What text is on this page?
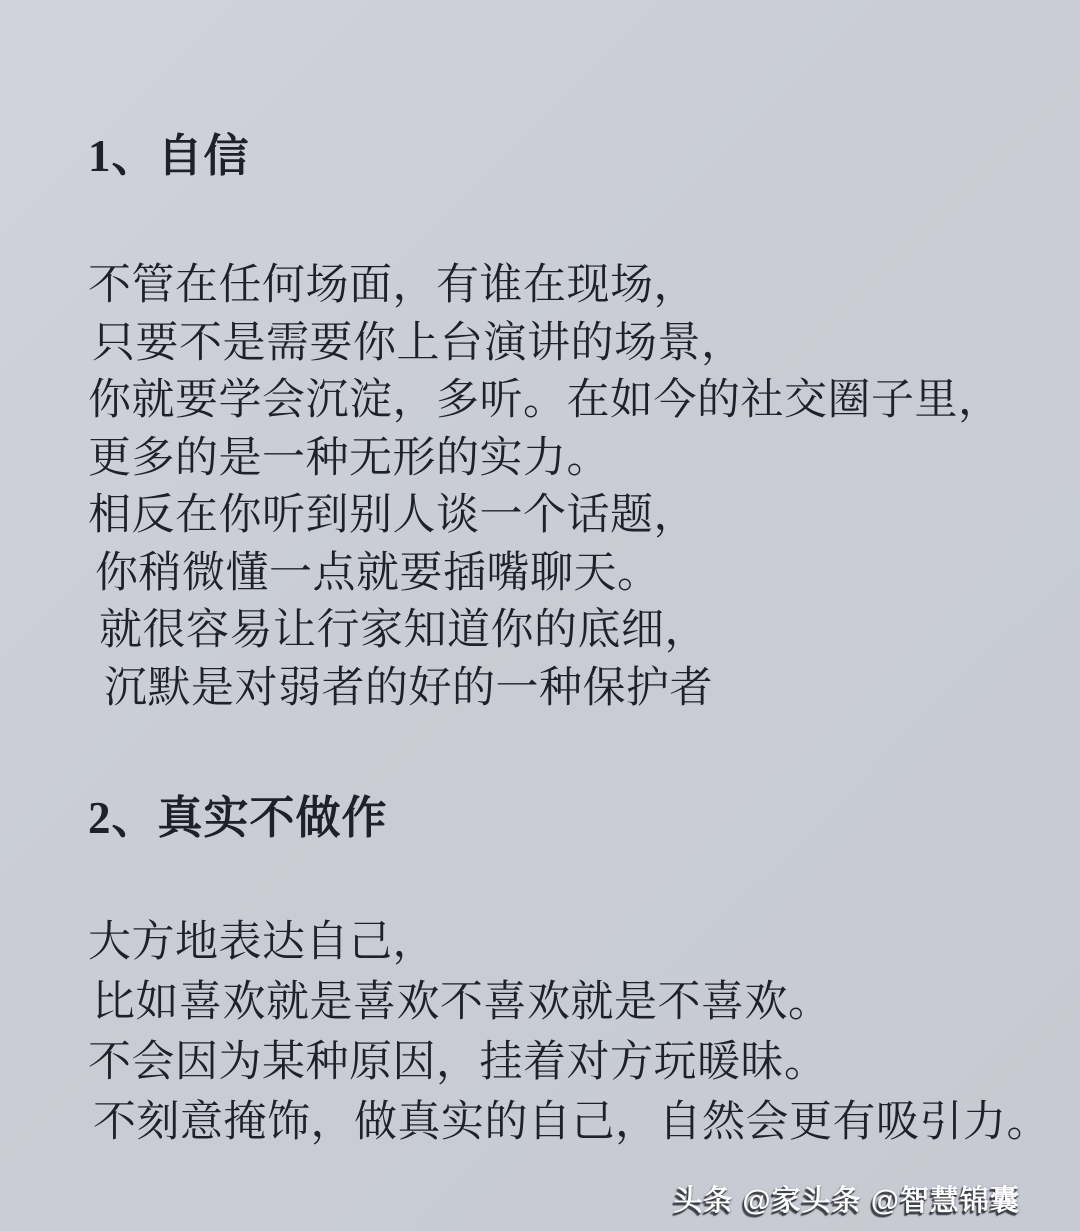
1、自信

不管在任何场面，有谁在现场，
只要不是需要你上台演讲的场景，
你就要学会沉淀，多听。在如今的社交圈子里，
更多的是一种无形的实力。
相反在你听到别人谈一个话题，
你稍微懂一点就要插嘴聊天。
就很容易让行家知道你的底细，
沉默是对弱者的好的一种保护者

2、真实不做作

大方地表达自己，
比如喜欢就是喜欢不喜欢就是不喜欢。
不会因为某种原因，挂着对方玩暖昧。
不刻意掩饰，做真实的自己，自然会更有吸引力。

头条 @家头条 @智慧锦囊
